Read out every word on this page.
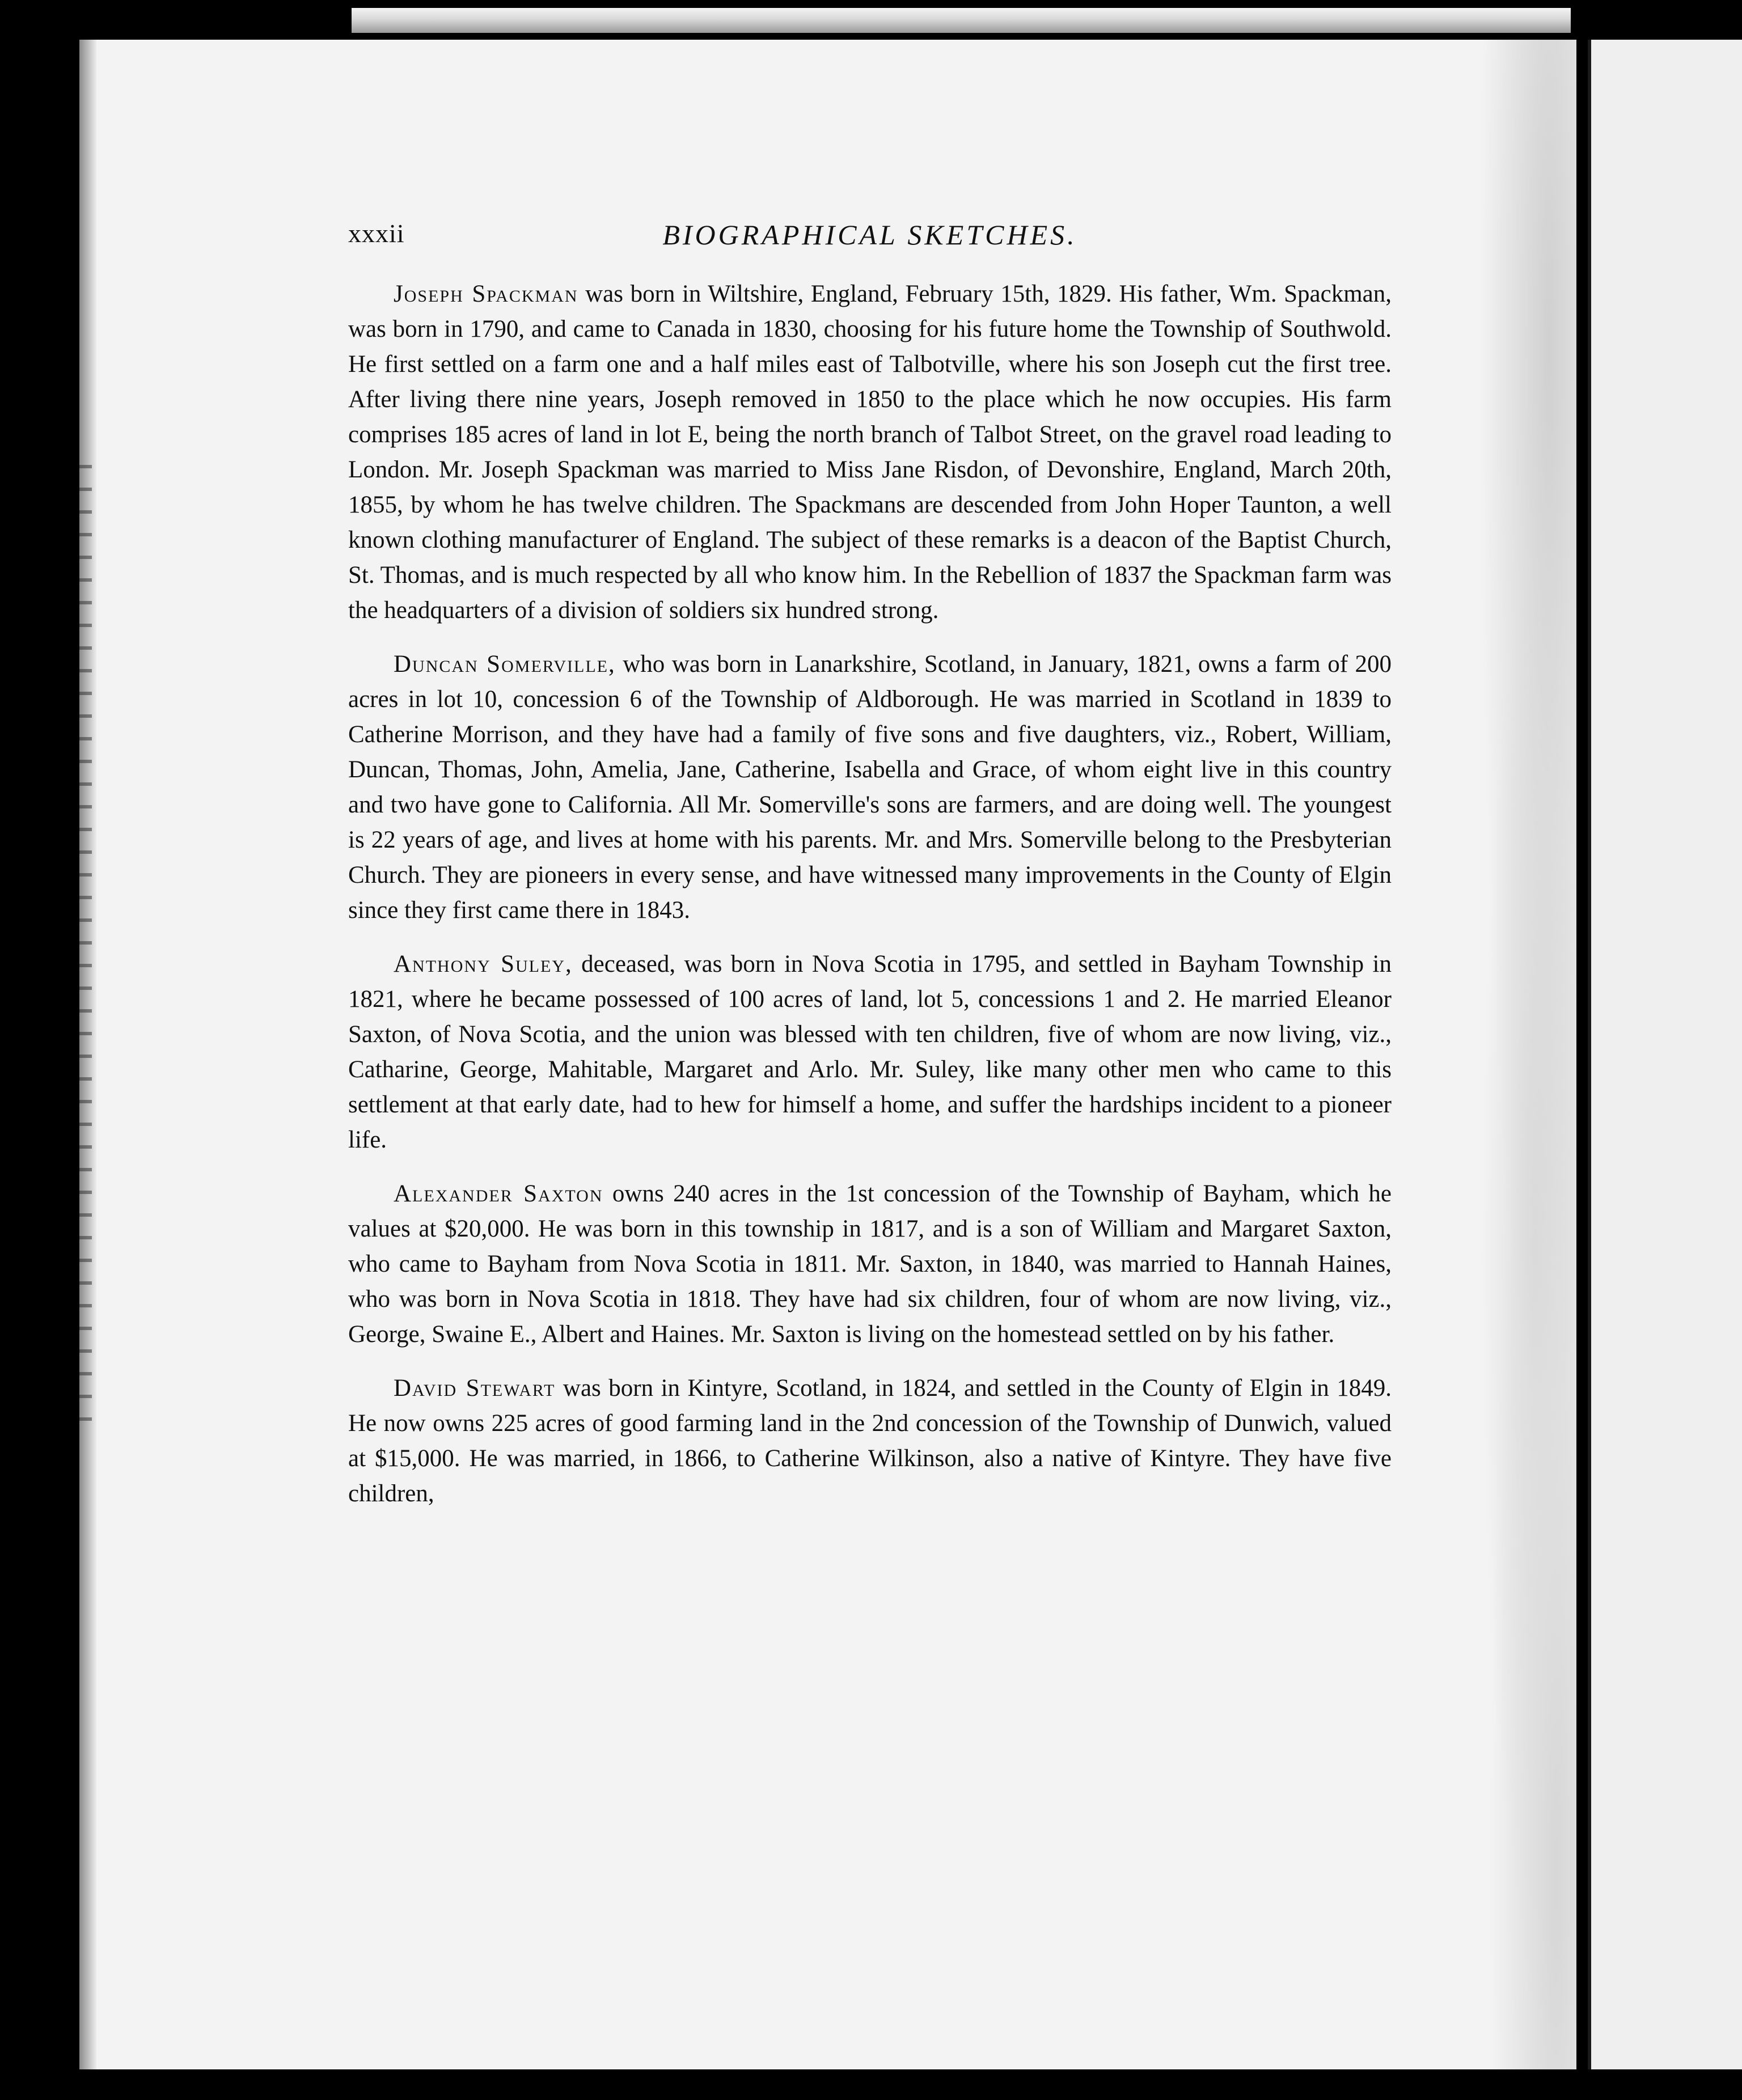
xxxii	BIOGRAPHICAL SKETCHES.

Joseph Spackman was born in Wiltshire, England, February 15th, 1829. His father, Wm. Spackman, was born in 1790, and came to Canada in 1830, choosing for his future home the Township of Southwold. He first settled on a farm one and a half miles east of Talbotville, where his son Joseph cut the first tree. After living there nine years, Joseph removed in 1850 to the place which he now occupies. His farm comprises 185 acres of land in lot E, being the north branch of Talbot Street, on the gravel road leading to London. Mr. Joseph Spackman was married to Miss Jane Risdon, of Devonshire, England, March 20th, 1855, by whom he has twelve children. The Spackmans are descended from John Hoper Taunton, a well known clothing manufacturer of England. The subject of these remarks is a deacon of the Baptist Church, St. Thomas, and is much respected by all who know him. In the Rebellion of 1837 the Spackman farm was the headquarters of a division of soldiers six hundred strong.

Duncan Somerville, who was born in Lanarkshire, Scotland, in January, 1821, owns a farm of 200 acres in lot 10, concession 6 of the Township of Aldborough. He was married in Scotland in 1839 to Catherine Morrison, and they have had a family of five sons and five daughters, viz., Robert, William, Duncan, Thomas, John, Amelia, Jane, Catherine, Isabella and Grace, of whom eight live in this country and two have gone to California. All Mr. Somerville's sons are farmers, and are doing well. The youngest is 22 years of age, and lives at home with his parents. Mr. and Mrs. Somerville belong to the Presbyterian Church. They are pioneers in every sense, and have witnessed many improvements in the County of Elgin since they first came there in 1843.

Anthony Suley, deceased, was born in Nova Scotia in 1795, and settled in Bayham Township in 1821, where he became possessed of 100 acres of land, lot 5, concessions 1 and 2. He married Eleanor Saxton, of Nova Scotia, and the union was blessed with ten children, five of whom are now living, viz., Catharine, George, Mahitable, Margaret and Arlo. Mr. Suley, like many other men who came to this settlement at that early date, had to hew for himself a home, and suffer the hardships incident to a pioneer life.

Alexander Saxton owns 240 acres in the 1st concession of the Township of Bayham, which he values at $20,000. He was born in this township in 1817, and is a son of William and Margaret Saxton, who came to Bayham from Nova Scotia in 1811. Mr. Saxton, in 1840, was married to Hannah Haines, who was born in Nova Scotia in 1818. They have had six children, four of whom are now living, viz., George, Swaine E., Albert and Haines. Mr. Saxton is living on the homestead settled on by his father.

David Stewart was born in Kintyre, Scotland, in 1824, and settled in the County of Elgin in 1849. He now owns 225 acres of good farming land in the 2nd concession of the Township of Dunwich, valued at $15,000. He was married, in 1866, to Catherine Wilkinson, also a native of Kintyre. They have five children,
